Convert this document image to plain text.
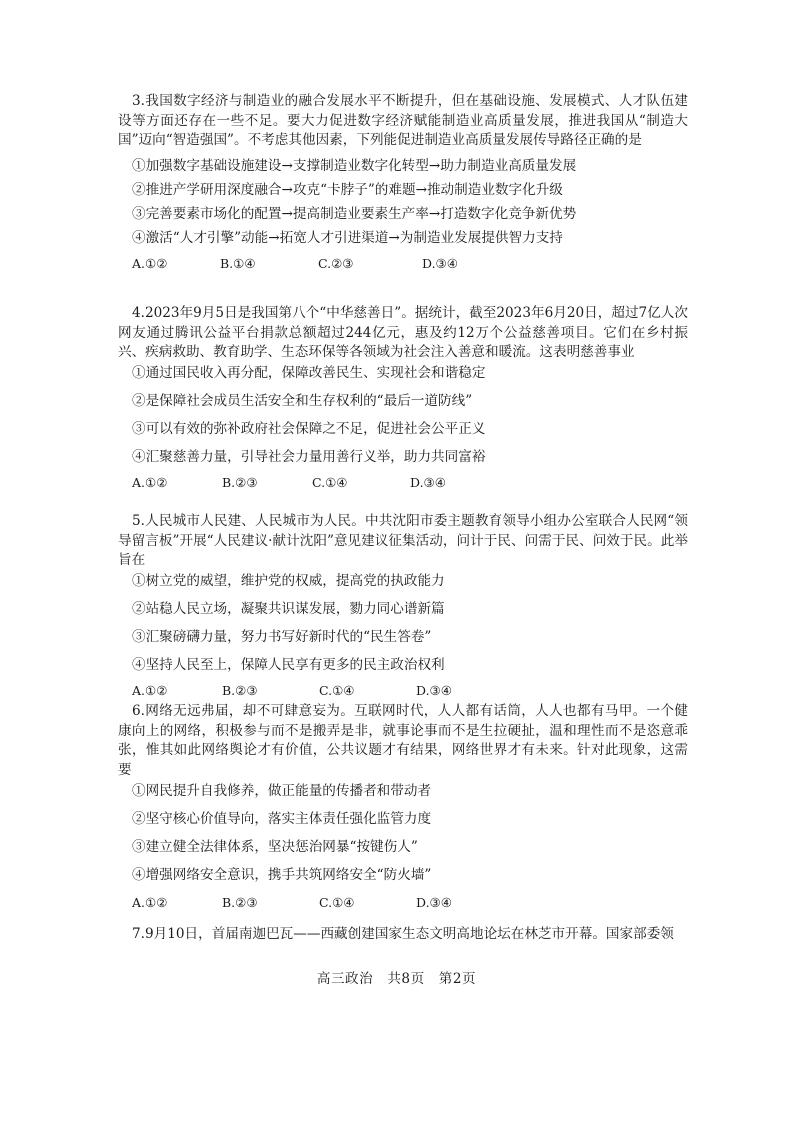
3.我国数字经济与制造业的融合发展水平不断提升，但在基础设施、发展模式、人才队伍建设等方面还存在一些不足。要大力促进数字经济赋能制造业高质量发展，推进我国从“制造大国”迈向“智造强国”。不考虑其他因素，下列能促进制造业高质量发展传导路径正确的是

①加强数字基础设施建设→支撑制造业数字化转型→助力制造业高质量发展

②推进产学研用深度融合→攻克“卡脖子”的难题→推动制造业数字化升级

③完善要素市场化的配置→提高制造业要素生产率→打造数字化竞争新优势

④激活“人才引擎”动能→拓宽人才引进渠道→为制造业发展提供智力支持

A.①②	B.①④	C.②③	D.③④

4.2023年9月5日是我国第八个“中华慈善日”。据统计，截至2023年6月20日，超过7亿人次网友通过腾讯公益平台捐款总额超过244亿元，惠及约12万个公益慈善项目。它们在乡村振兴、疾病救助、教育助学、生态环保等各领域为社会注入善意和暖流。这表明慈善事业

①通过国民收入再分配，保障改善民生、实现社会和谐稳定

②是保障社会成员生活安全和生存权利的“最后一道防线”

③可以有效的弥补政府社会保障之不足，促进社会公平正义

④汇聚慈善力量，引导社会力量用善行义举，助力共同富裕

A.①②	B.②③	C.①④	D.③④

5.人民城市人民建、人民城市为人民。中共沈阳市委主题教育领导小组办公室联合人民网“领导留言板”开展“人民建议·献计沈阳”意见建议征集活动，问计于民、问需于民、问效于民。此举旨在

①树立党的威望，维护党的权威，提高党的执政能力

②站稳人民立场，凝聚共识谋发展，勠力同心谱新篇

③汇聚磅礴力量，努力书写好新时代的“民生答卷”

④坚持人民至上，保障人民享有更多的民主政治权利

A.①②	B.②③	C.①④	D.③④

6.网络无远弗届，却不可肆意妄为。互联网时代，人人都有话筒，人人也都有马甲。一个健康向上的网络，积极参与而不是搬弄是非，就事论事而不是生拉硬扯，温和理性而不是恣意乖张，惟其如此网络舆论才有价值，公共议题才有结果，网络世界才有未来。针对此现象，这需要

①网民提升自我修养，做正能量的传播者和带动者

②坚守核心价值导向，落实主体责任强化监管力度

③建立健全法律体系，坚决惩治网暴“按键伤人”

④增强网络安全意识，携手共筑网络安全“防火墙”

A.①②	B.②③	C.①④	D.③④

7.9月10日，首届南迦巴瓦——西藏创建国家生态文明高地论坛在林芝市开幕。国家部委领

高三政治　共8页　第2页
